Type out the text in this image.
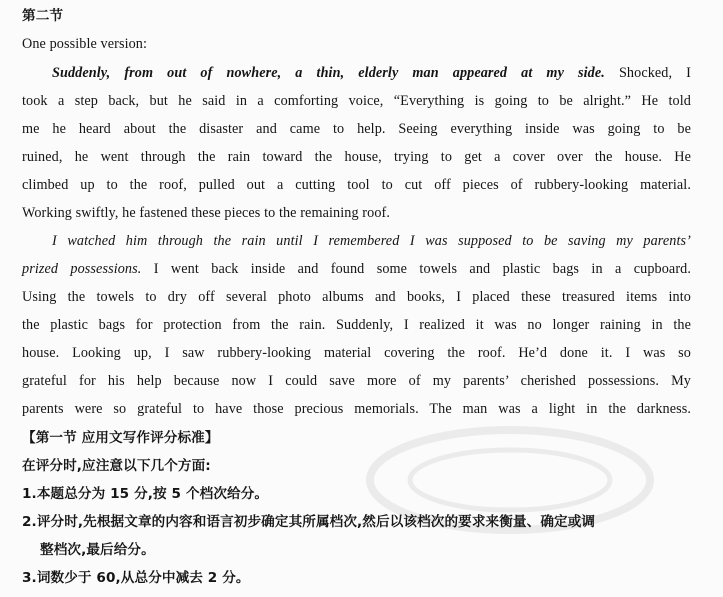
第二节
One possible version:
Suddenly, from out of nowhere, a thin, elderly man appeared at my side. Shocked, I
took a step back, but he said in a comforting voice, “Everything is going to be alright.” He told
me he heard about the disaster and came to help. Seeing everything inside was going to be
ruined, he went through the rain toward the house, trying to get a cover over the house. He
climbed up to the roof, pulled out a cutting tool to cut off pieces of rubbery-looking material.
Working swiftly, he fastened these pieces to the remaining roof.
I watched him through the rain until I remembered I was supposed to be saving my parents’
prized possessions. I went back inside and found some towels and plastic bags in a cupboard.
Using the towels to dry off several photo albums and books, I placed these treasured items into
the plastic bags for protection from the rain. Suddenly, I realized it was no longer raining in the
house. Looking up, I saw rubbery-looking material covering the roof. He’d done it. I was so
grateful for his help because now I could save more of my parents’ cherished possessions. My
parents were so grateful to have those precious memorials. The man was a light in the darkness.
【第一节 应用文写作评分标准】
在评分时,应注意以下几个方面:
1.本题总分为 15 分,按 5 个档次给分。
2.评分时,先根据文章的内容和语言初步确定其所属档次,然后以该档次的要求来衡量、确定或调
整档次,最后给分。
3.词数少于 60,从总分中减去 2 分。
